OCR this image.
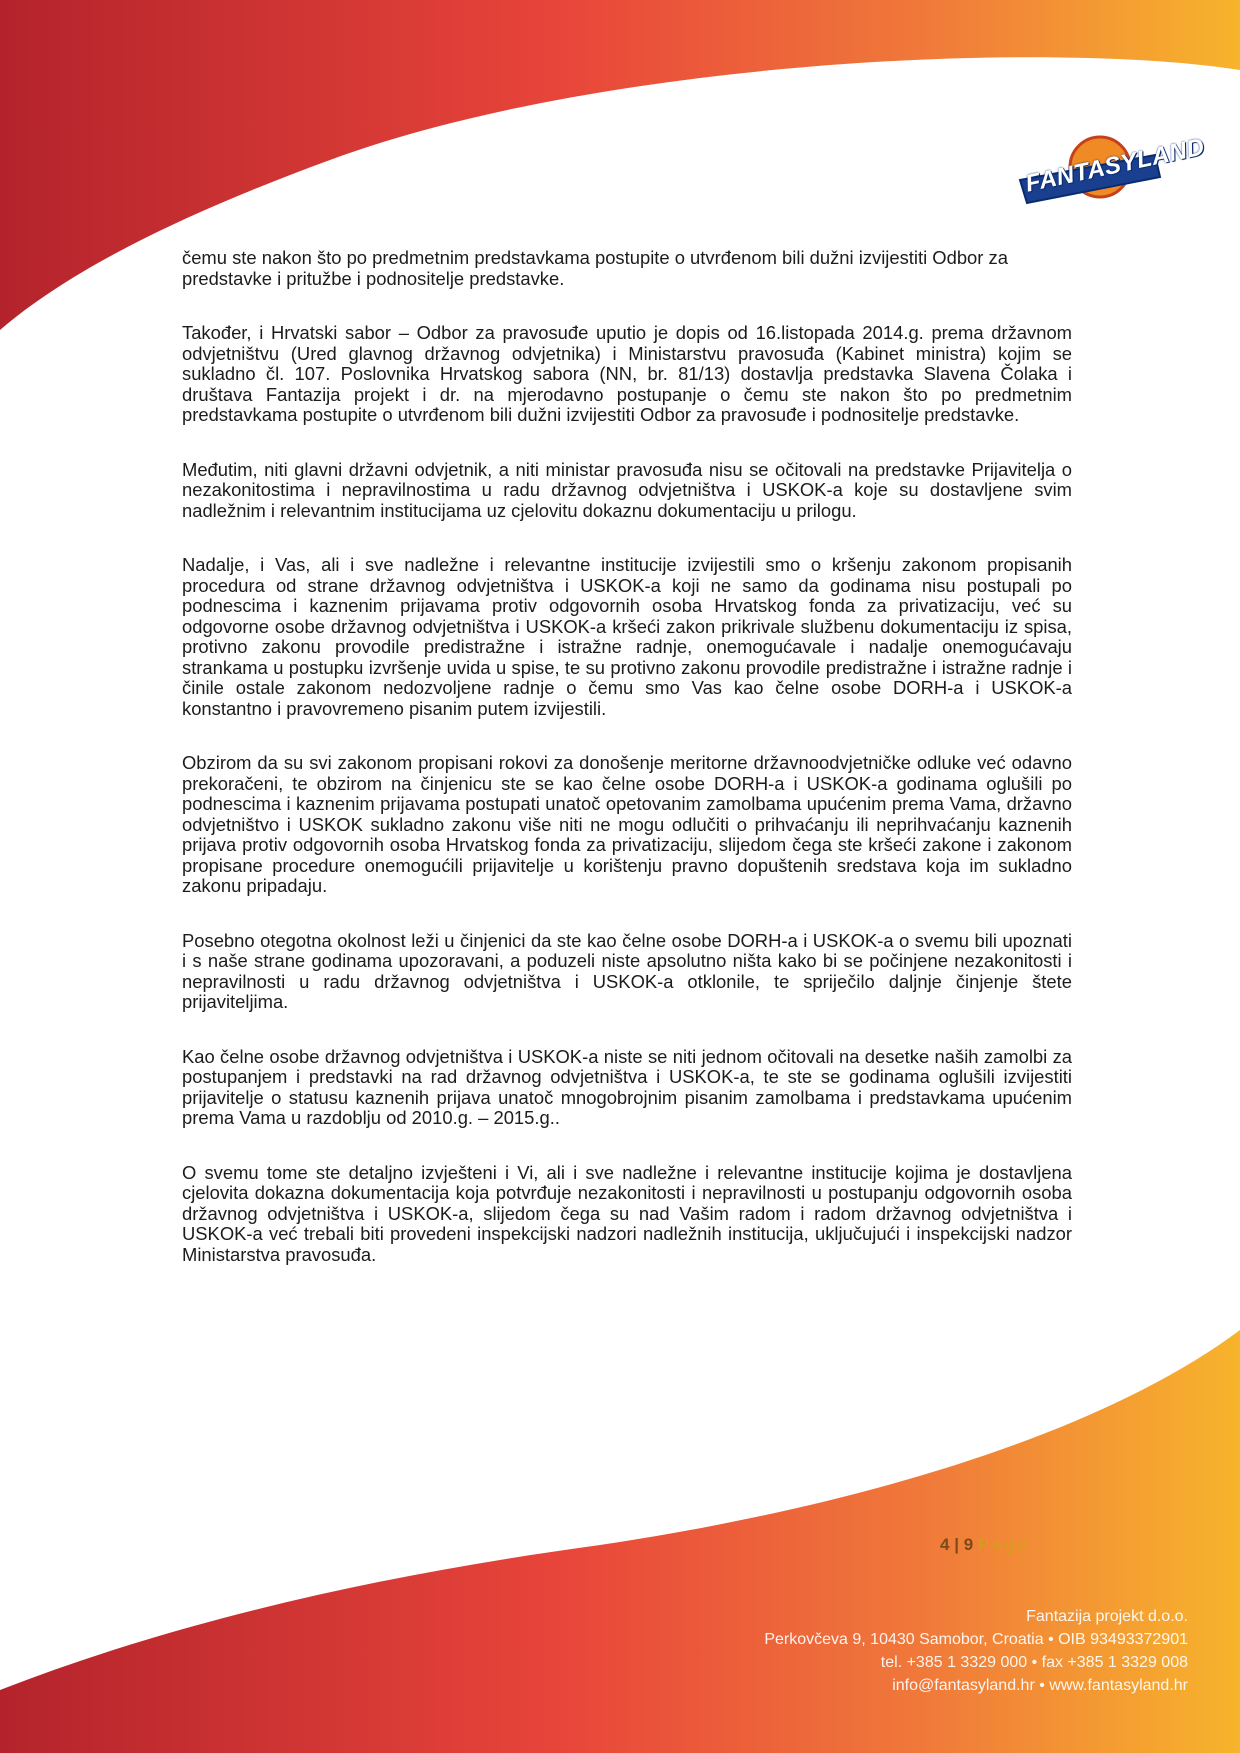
FANTASYLAND

čemu ste nakon što po predmetnim predstavkama postupite o utvrđenom bili dužni izvijestiti Odbor za predstavke i pritužbe i podnositelje predstavke.

Također, i Hrvatski sabor – Odbor za pravosuđe uputio je dopis od 16.listopada 2014.g. prema državnom odvjetništvu (Ured glavnog državnog odvjetnika) i Ministarstvu pravosuđa (Kabinet ministra) kojim se sukladno čl. 107. Poslovnika Hrvatskog sabora (NN, br. 81/13) dostavlja predstavka Slavena Čolaka i društava Fantazija projekt i dr. na mjerodavno postupanje o čemu ste nakon što po predmetnim predstavkama postupite o utvrđenom bili dužni izvijestiti Odbor za pravosuđe i podnositelje predstavke.

Međutim, niti glavni državni odvjetnik, a niti ministar pravosuđa nisu se očitovali na predstavke Prijavitelja o nezakonitostima i nepravilnostima u radu državnog odvjetništva i USKOK-a koje su dostavljene svim nadležnim i relevantnim institucijama uz cjelovitu dokaznu dokumentaciju u prilogu.

Nadalje, i Vas, ali i sve nadležne i relevantne institucije izvijestili smo o kršenju zakonom propisanih procedura od strane državnog odvjetništva i USKOK-a koji ne samo da godinama nisu postupali po podnescima i kaznenim prijavama protiv odgovornih osoba Hrvatskog fonda za privatizaciju, već su odgovorne osobe državnog odvjetništva i USKOK-a kršeći zakon prikrivale službenu dokumentaciju iz spisa, protivno zakonu provodile predistražne i istražne radnje, onemogućavale i nadalje onemogućavaju strankama u postupku izvršenje uvida u spise, te su protivno zakonu provodile predistražne i istražne radnje i činile ostale zakonom nedozvoljene radnje o čemu smo Vas kao čelne osobe DORH-a i USKOK-a konstantno i pravovremeno pisanim putem izvijestili.

Obzirom da su svi zakonom propisani rokovi za donošenje meritorne državnoodvjetničke odluke već odavno prekoračeni, te obzirom na činjenicu ste se kao čelne osobe DORH-a i USKOK-a godinama oglušili po podnescima i kaznenim prijavama postupati unatoč opetovanim zamolbama upućenim prema Vama, državno odvjetništvo i USKOK sukladno zakonu više niti ne mogu odlučiti o prihvaćanju ili neprihvaćanju kaznenih prijava protiv odgovornih osoba Hrvatskog fonda za privatizaciju, slijedom čega ste kršeći zakone i zakonom propisane procedure onemogućili prijavitelje u korištenju pravno dopuštenih sredstava koja im sukladno zakonu pripadaju.

Posebno otegotna okolnost leži u činjenici da ste kao čelne osobe DORH-a i USKOK-a o svemu bili upoznati i s naše strane godinama upozoravani, a poduzeli niste apsolutno ništa kako bi se počinjene nezakonitosti i nepravilnosti u radu državnog odvjetništva i USKOK-a otklonile, te spriječilo daljnje činjenje štete prijaviteljima.

Kao čelne osobe državnog odvjetništva i USKOK-a niste se niti jednom očitovali na desetke naših zamolbi za postupanjem i predstavki na rad državnog odvjetništva i USKOK-a, te ste se godinama oglušili izvijestiti prijavitelje o statusu kaznenih prijava unatoč mnogobrojnim pisanim zamolbama i predstavkama upućenim prema Vama u razdoblju od 2010.g. – 2015.g..

O svemu tome ste detaljno izvješteni i Vi, ali i sve nadležne i relevantne institucije kojima je dostavljena cjelovita dokazna dokumentacija koja potvrđuje nezakonitosti i nepravilnosti u postupanju odgovornih osoba državnog odvjetništva i USKOK-a, slijedom čega su nad Vašim radom i radom državnog odvjetništva i USKOK-a već trebali biti provedeni inspekcijski nadzori nadležnih institucija, uključujući i inspekcijski nadzor Ministarstva pravosuđa.

4 | 9 Page
Fantazija projekt d.o.o.
Perkovčeva 9, 10430 Samobor, Croatia • OIB 93493372901
tel. +385 1 3329 000 • fax +385 1 3329 008
info@fantasyland.hr • www.fantasyland.hr
